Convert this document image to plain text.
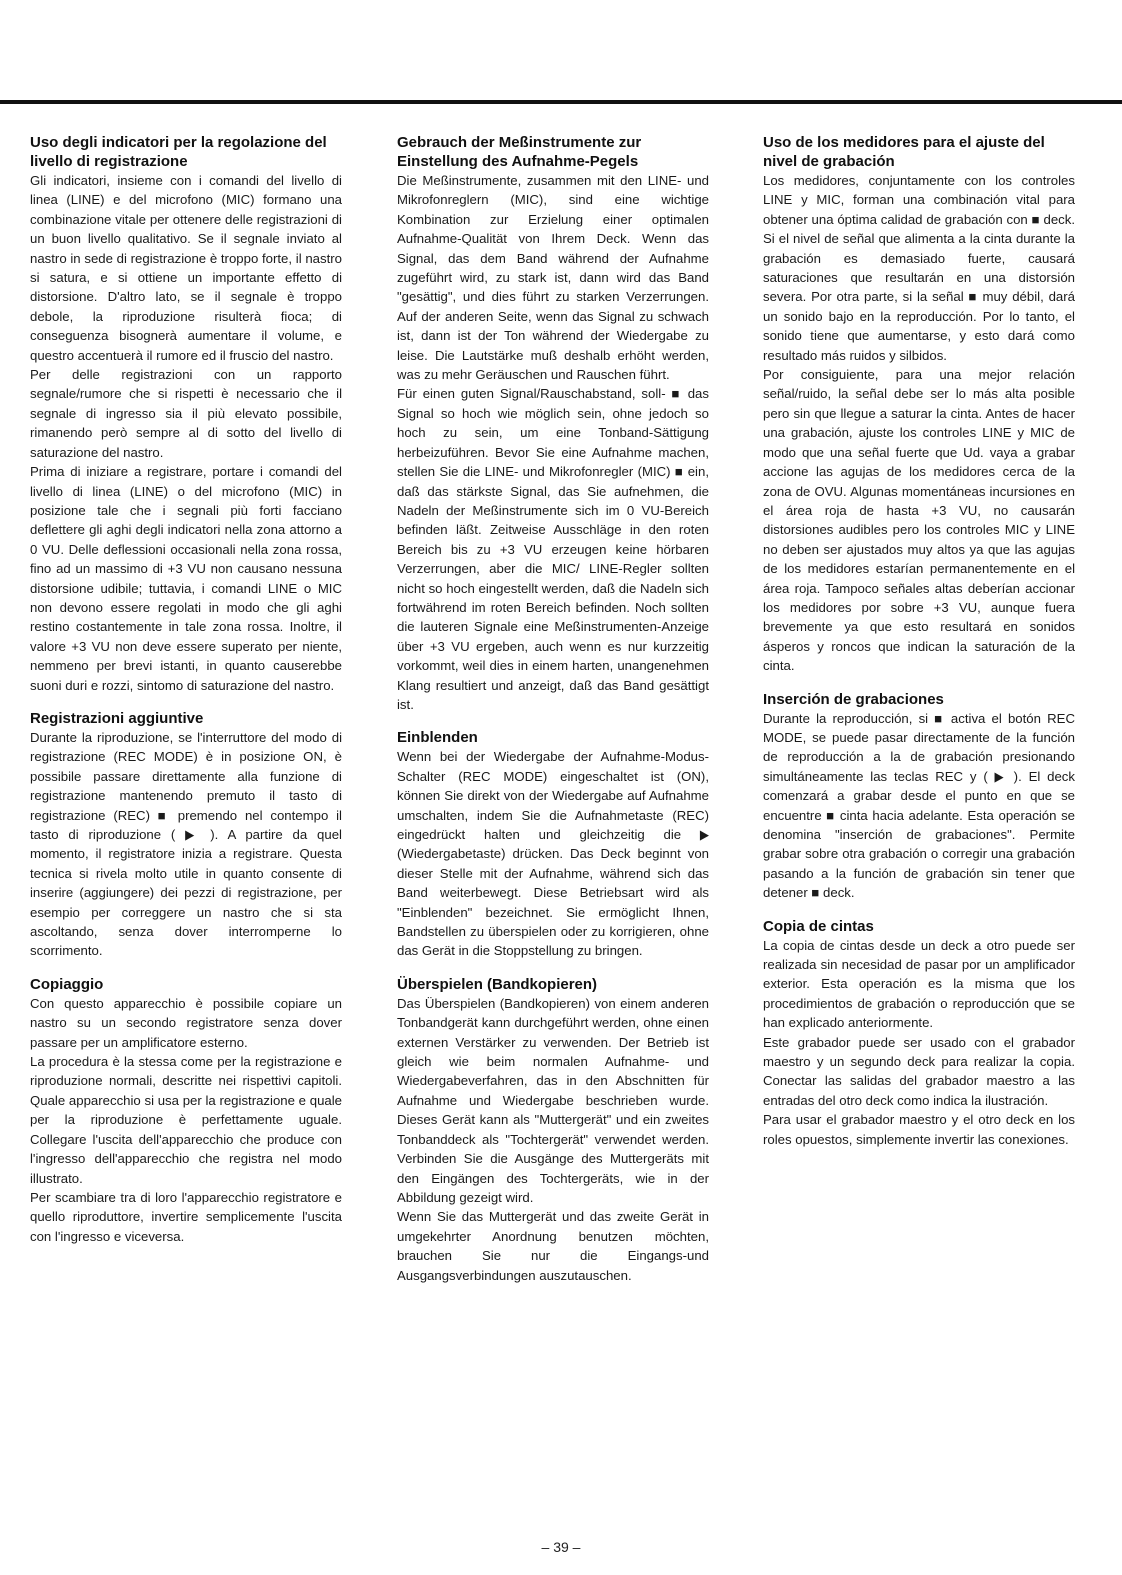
Uso degli indicatori per la regolazione del livello di registrazione

Gli indicatori, insieme con i comandi del livello di linea (LINE) e del microfono (MIC) formano una combinazione vitale per ottenere delle registrazioni di un buon livello qualitativo. Se il segnale inviato al nastro in sede di registrazione è troppo forte, il nastro si satura, e si ottiene un importante effetto di distorsione. D'altro lato, se il segnale è troppo debole, la riproduzione risulterà fioca; di conseguenza bisognerà aumentare il volume, e questro accentuerà il rumore ed il fruscio del nastro.

Per delle registrazioni con un rapporto segnale/rumore che si rispetti è necessario che il segnale di ingresso sia il più elevato possibile, rimanendo però sempre al di sotto del livello di saturazione del nastro.

Prima di iniziare a registrare, portare i comandi del livello di linea (LINE) o del microfono (MIC) in posizione tale che i segnali più forti facciano deflettere gli aghi degli indicatori nella zona attorno a 0 VU. Delle deflessioni occasionali nella zona rossa, fino ad un massimo di +3 VU non causano nessuna distorsione udibile; tuttavia, i comandi LINE o MIC non devono essere regolati in modo che gli aghi restino costantemente in tale zona rossa. Inoltre, il valore +3 VU non deve essere superato per niente, nemmeno per brevi istanti, in quanto causerebbe suoni duri e rozzi, sintomo di saturazione del nastro.

Registrazioni aggiuntive

Durante la riproduzione, se l'interruttore del modo di registrazione (REC MODE) è in posizione ON, è possibile passare direttamente alla funzione di registrazione mantenendo premuto il tasto di registrazione (REC) ■ premendo nel contempo il tasto di riproduzione ( ▶ ). A partire da quel momento, il registratore inizia a registrare. Questa tecnica si rivela molto utile in quanto consente di inserire (aggiungere) dei pezzi di registrazione, per esempio per correggere un nastro che si sta ascoltando, senza dover interromperne lo scorrimento.

Copiaggio

Con questo apparecchio è possibile copiare un nastro su un secondo registratore senza dover passare per un amplificatore esterno.

La procedura è la stessa come per la registrazione e riproduzione normali, descritte nei rispettivi capitoli. Quale apparecchio si usa per la registrazione e quale per la riproduzione è perfettamente uguale. Collegare l'uscita dell'apparecchio che produce con l'ingresso dell'apparecchio che registra nel modo illustrato.

Per scambiare tra di loro l'apparecchio registratore e quello riproduttore, invertire semplicemente l'uscita con l'ingresso e viceversa.

Gebrauch der Meßinstrumente zur Einstellung des Aufnahme-Pegels

Die Meßinstrumente, zusammen mit den LINE- und Mikrofonreglern (MIC), sind eine wichtige Kombination zur Erzielung einer optimalen Aufnahme-Qualität von Ihrem Deck. Wenn das Signal, das dem Band während der Aufnahme zugeführt wird, zu stark ist, dann wird das Band "gesättig", und dies führt zu starken Verzerrungen. Auf der anderen Seite, wenn das Signal zu schwach ist, dann ist der Ton während der Wiedergabe zu leise. Die Lautstärke muß deshalb erhöht werden, was zu mehr Geräuschen und Rauschen führt.

Für einen guten Signal/Rauschabstand, soll- ■ das Signal so hoch wie möglich sein, ohne jedoch so hoch zu sein, um eine Tonband-Sättigung herbeizuführen. Bevor Sie eine Aufnahme machen, stellen Sie die LINE- und Mikrofonregler (MIC) ■ ein, daß das stärkste Signal, das Sie aufnehmen, die Nadeln der Meßinstrumente sich im 0 VU-Bereich befinden läßt. Zeitweise Ausschläge in den roten Bereich bis zu +3 VU erzeugen keine hörbaren Verzerrungen, aber die MIC/ LINE-Regler sollten nicht so hoch eingestellt werden, daß die Nadeln sich fortwährend im roten Bereich befinden. Noch sollten die lauteren Signale eine Meßinstrumenten-Anzeige über +3 VU ergeben, auch wenn es nur kurzzeitig vorkommt, weil dies in einem harten, unangenehmen Klang resultiert und anzeigt, daß das Band gesättigt ist.

Einblenden

Wenn bei der Wiedergabe der Aufnahme-Modus-Schalter (REC MODE) eingeschaltet ist (ON), können Sie direkt von der Wiedergabe auf Aufnahme umschalten, indem Sie die Aufnahmetaste (REC) eingedrückt halten und gleichzeitig die ▶ (Wiedergabetaste) drücken. Das Deck beginnt von dieser Stelle mit der Aufnahme, während sich das Band weiterbewegt. Diese Betriebsart wird als "Einblenden" bezeichnet. Sie ermöglicht Ihnen, Bandstellen zu überspielen oder zu korrigieren, ohne das Gerät in die Stoppstellung zu bringen.

Überspielen (Bandkopieren)

Das Überspielen (Bandkopieren) von einem anderen Tonbandgerät kann durchgeführt werden, ohne einen externen Verstärker zu verwenden. Der Betrieb ist gleich wie beim normalen Aufnahme- und Wiedergabeverfahren, das in den Abschnitten für Aufnahme und Wiedergabe beschrieben wurde. Dieses Gerät kann als "Muttergerät" und ein zweites Tonbanddeck als "Tochtergerät" verwendet werden. Verbinden Sie die Ausgänge des Muttergeräts mit den Eingängen des Tochtergeräts, wie in der Abbildung gezeigt wird.

Wenn Sie das Muttergerät und das zweite Gerät in umgekehrter Anordnung benutzen möchten, brauchen Sie nur die Eingangs-und Ausgangsverbindungen auszutauschen.

Uso de los medidores para el ajuste del nivel de grabación

Los medidores, conjuntamente con los controles LINE y MIC, forman una combinación vital para obtener una óptima calidad de grabación con ■ deck. Si el nivel de señal que alimenta a la cinta durante la grabación es demasiado fuerte, causará saturaciones que resultarán en una distorsión severa. Por otra parte, si la señal ■ muy débil, dará un sonido bajo en la reproducción. Por lo tanto, el sonido tiene que aumentarse, y esto dará como resultado más ruidos y silbidos.

Por consiguiente, para una mejor relación señal/ruido, la señal debe ser lo más alta posible pero sin que llegue a saturar la cinta. Antes de hacer una grabación, ajuste los controles LINE y MIC de modo que una señal fuerte que Ud. vaya a grabar accione las agujas de los medidores cerca de la zona de OVU. Algunas momentáneas incursiones en el área roja de hasta +3 VU, no causarán distorsiones audibles pero los controles MIC y LINE no deben ser ajustados muy altos ya que las agujas de los medidores estarían permanentemente en el área roja. Tampoco señales altas deberían accionar los medidores por sobre +3 VU, aunque fuera brevemente ya que esto resultará en sonidos ásperos y roncos que indican la saturación de la cinta.

Inserción de grabaciones

Durante la reproducción, si ■ activa el botón REC MODE, se puede pasar directamente de la función de reproducción a la de grabación presionando simultáneamente las teclas REC y ( ▶ ). El deck comenzará a grabar desde el punto en que se encuentre ■ cinta hacia adelante. Esta operación se denomina "inserción de grabaciones". Permite grabar sobre otra grabación o corregir una grabación pasando a la función de grabación sin tener que detener ■ deck.

Copia de cintas

La copia de cintas desde un deck a otro puede ser realizada sin necesidad de pasar por un amplificador exterior. Esta operación es la misma que los procedimientos de grabación o reproducción que se han explicado anteriormente.

Este grabador puede ser usado con el grabador maestro y un segundo deck para realizar la copia. Conectar las salidas del grabador maestro a las entradas del otro deck como indica la ilustración.

Para usar el grabador maestro y el otro deck en los roles opuestos, simplemente invertir las conexiones.

– 39 –
